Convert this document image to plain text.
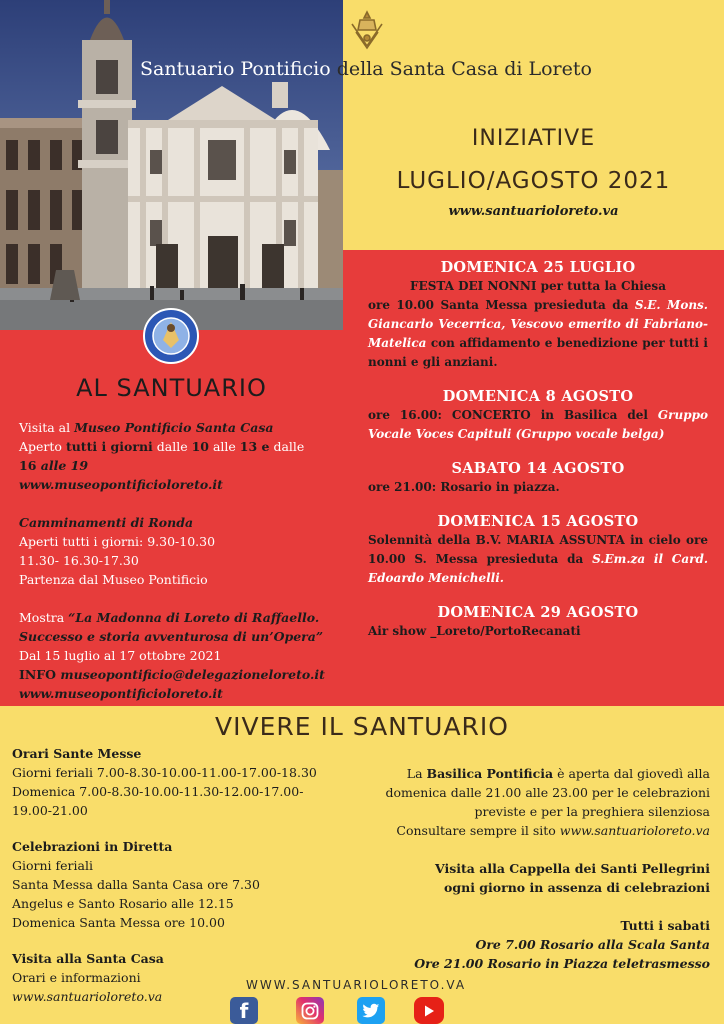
Santuario Pontificio della Santa Casa di Loreto
INIZIATIVE
LUGLIO/AGOSTO 2021
www.santuarioloreto.va
AL SANTUARIO
Visita al Museo Pontificio Santa Casa
Aperto tutti i giorni dalle 10 alle 13 e dalle
16 alle 19
www.museopontificioloreto.it
Camminamenti di Ronda
Aperti tutti i giorni: 9.30-10.30
11.30- 16.30-17.30
Partenza dal Museo Pontificio
Mostra “La Madonna di Loreto di Raffaello.
Successo e storia avventurosa di un’Opera”
Dal 15 luglio al 17 ottobre 2021
INFO museopontificio@delegazioneloreto.it
www.museopontificioloreto.it
DOMENICA 25 LUGLIO
FESTA DEI NONNI per tutta la Chiesa
ore 10.00 Santa Messa presieduta da S.E. Mons. Giancarlo Vecerrica, Vescovo emerito di Fabriano-Matelica con affidamento e benedizione per tutti i nonni e gli anziani.
DOMENICA 8 AGOSTO
ore 16.00: CONCERTO in Basilica del Gruppo Vocale Voces Capituli (Gruppo vocale belga)
SABATO 14 AGOSTO
ore 21.00: Rosario in piazza.
DOMENICA 15 AGOSTO
Solennità della B.V. MARIA ASSUNTA in cielo ore 10.00 S. Messa presieduta da S.Em.za il Card. Edoardo Menichelli.
DOMENICA 29 AGOSTO
Air show _Loreto/PortoRecanati
VIVERE IL SANTUARIO
Orari Sante Messe
Giorni feriali 7.00-8.30-10.00-11.00-17.00-18.30
Domenica 7.00-8.30-10.00-11.30-12.00-17.00-
19.00-21.00
Celebrazioni in Diretta
Giorni feriali
Santa Messa dalla Santa Casa ore 7.30
Angelus e Santo Rosario alle 12.15
Domenica Santa Messa ore 10.00
Visita alla Santa Casa
Orari e informazioni
www.santuarioloreto.va
La Basilica Pontificia è aperta dal giovedì alla
domenica dalle 21.00 alle 23.00 per le celebrazioni
previste e per la preghiera silenziosa
Consultare sempre il sito www.santuarioloreto.va
Visita alla Cappella dei Santi Pellegrini
ogni giorno in assenza di celebrazioni
Tutti i sabati
Ore 7.00 Rosario alla Scala Santa
Ore 21.00 Rosario in Piazza teletrasmesso
WWW.SANTUARIOLORETO.VA
f
